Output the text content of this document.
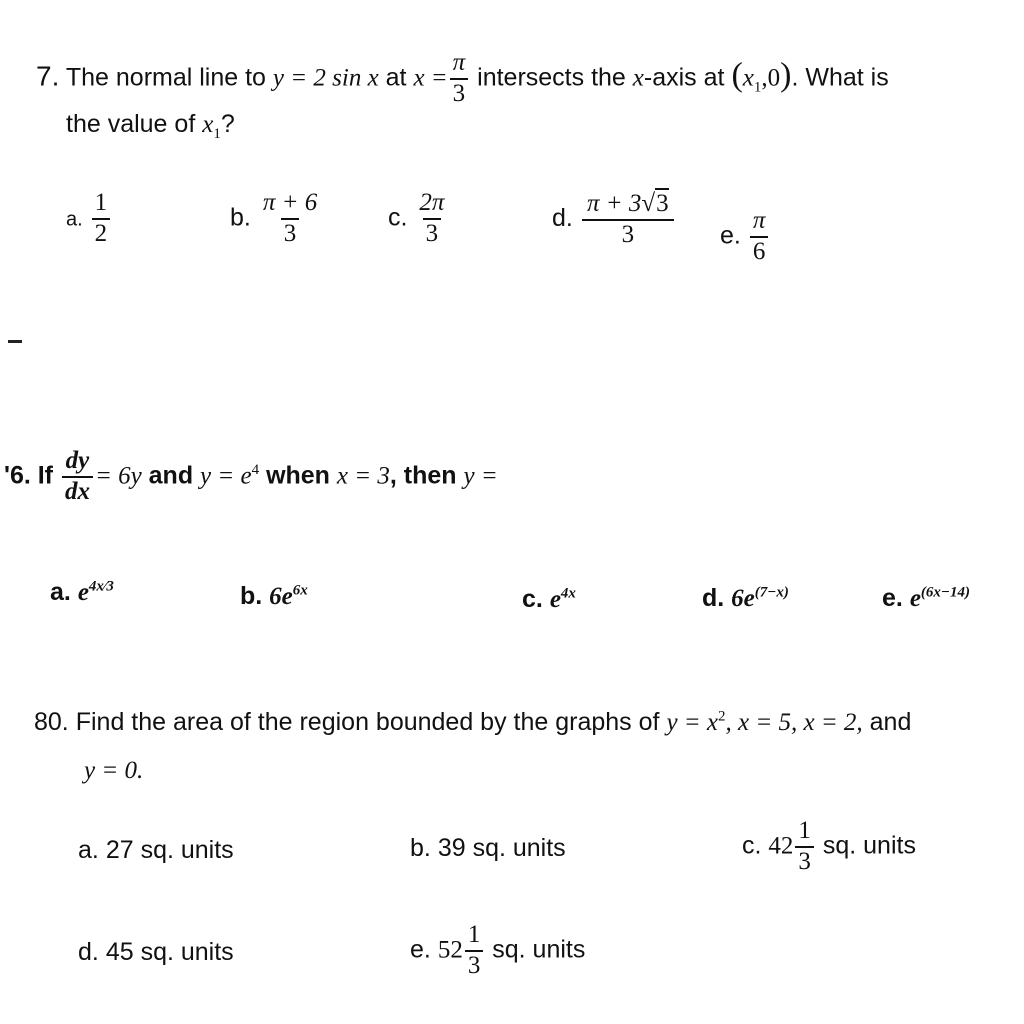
7. The normal line to y = 2 sin x at $x = \frac{\pi}{3}$ intersects the x-axis at $(x_1,0)$. What is
the value of $x_1$?
a. $\frac{1}{2}$	b. $\frac{\pi + 6}{3}$	c. $\frac{2\pi}{3}$	d. $\frac{\pi + 3√3}{3} e$. $\frac{\pi}{6}$
'6. If $\frac{dy}{dx} = 6y$ and $y = e^4$ when x = 3, then y =
a. $e^{4x⁄3}$	b. $6e^{6x}$	c. $e^{4x}$	d. $6e^{(7-x)}$	e. $e^{(6x-14)}$
80. Find the area of the region bounded by the graphs of $y = x^2$, x = 5, x = 2, and
y = 0.
a. 27 sq. units	b. 39 sq. units	c. $42 \frac{1}{3}$ sq. units
d. 45 sq. units	e. $52 \frac{1}{3}$ sq. units
